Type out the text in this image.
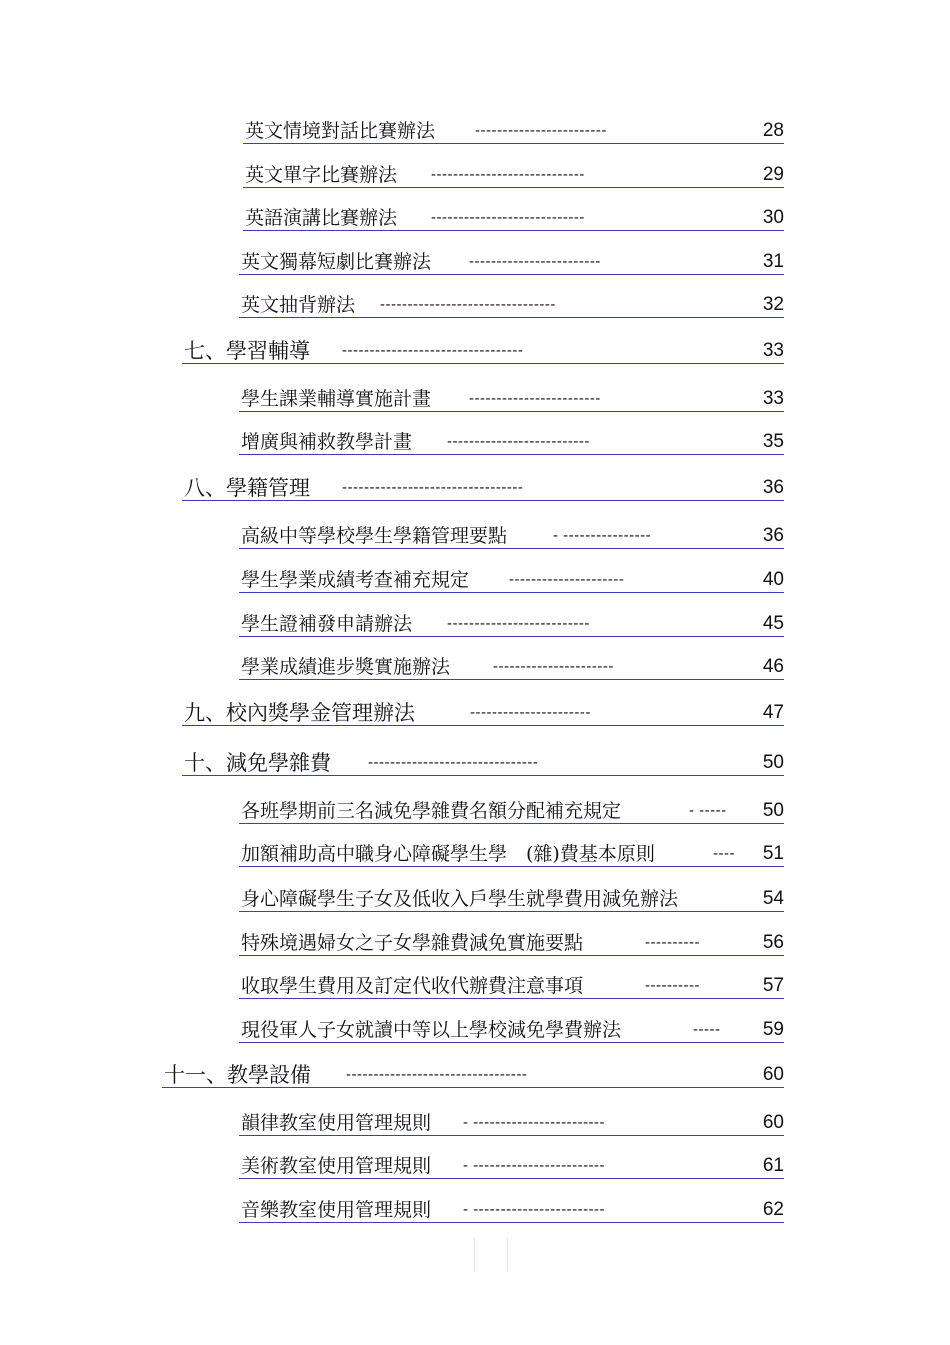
英文情境對話比賽辦法	------------------------	28
英文單字比賽辦法 ----------------------------	29
英語演講比賽辦法 ----------------------------	30
英文獨幕短劇比賽辦法	------------------------	31
英文抽背辦法 --------------------------------	32
七、學習輔導 ---------------------------------	33
學生課業輔導實施計畫	------------------------	33
增廣與補救教學計畫 --------------------------	35
八、學籍管理 ---------------------------------	36
高級中等學校學生學籍管理要點	- ----------------	36
學生學業成績考查補充規定	---------------------	40
學生證補發申請辦法 --------------------------	45
學業成績進步獎實施辦法	----------------------	46
九、校內獎學金管理辦法	----------------------	47
十、減免學雜費 -------------------------------	50
各班學期前三名減免學雜費名額分配補充規定	- ----- 50
加額補助高中職身心障礙學生學　(雜)費基本原則	---- 51
身心障礙學生子女及低收入戶學生就學費用減免辦法	54
特殊境遇婦女之子女學雜費減免實施要點	----------	56
收取學生費用及訂定代收代辦費注意事項	----------	57
現役軍人子女就讀中等以上學校減免學費辦法	----- 59
十一、教學設備 ---------------------------------	60
韻律教室使用管理規則 - ------------------------	60
美術教室使用管理規則 - ------------------------	61
音樂教室使用管理規則 - ------------------------	62
